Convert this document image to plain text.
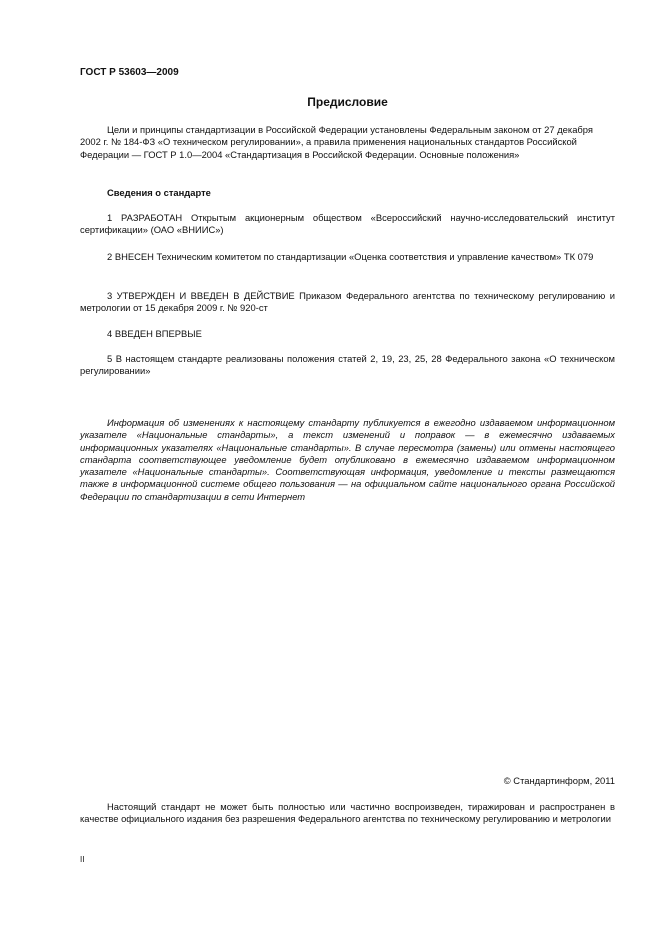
ГОСТ Р 53603—2009
Предисловие

Цели и принципы стандартизации в Российской Федерации установлены Федеральным законом от 27 декабря 2002 г. № 184-ФЗ «О техническом регулировании», а правила применения национальных стандартов Российской Федерации — ГОСТ Р 1.0—2004 «Стандартизация в Российской Федерации. Основные положения»

Сведения о стандарте

1 РАЗРАБОТАН Открытым акционерным обществом «Всероссийский научно-исследовательский институт сертификации» (ОАО «ВНИИС»)

2 ВНЕСЕН Техническим комитетом по стандартизации «Оценка соответствия и управление качеством» ТК 079

3 УТВЕРЖДЕН И ВВЕДЕН В ДЕЙСТВИЕ Приказом Федерального агентства по техническому регулированию и метрологии от 15 декабря 2009 г. № 920-ст

4 ВВЕДЕН ВПЕРВЫЕ

5 В настоящем стандарте реализованы положения статей 2, 19, 23, 25, 28 Федерального закона «О техническом регулировании»

Информация об изменениях к настоящему стандарту публикуется в ежегодно издаваемом информационном указателе «Национальные стандарты», а текст изменений и поправок — в ежемесячно издаваемых информационных указателях «Национальные стандарты». В случае пересмотра (замены) или отмены настоящего стандарта соответствующее уведомление будет опубликовано в ежемесячно издаваемом информационном указателе «Национальные стандарты». Соответствующая информация, уведомление и тексты размещаются также в информационной системе общего пользования — на официальном сайте национального органа Российской Федерации по стандартизации в сети Интернет

© Стандартинформ, 2011

Настоящий стандарт не может быть полностью или частично воспроизведен, тиражирован и распространен в качестве официального издания без разрешения Федерального агентства по техническому регулированию и метрологии

II
